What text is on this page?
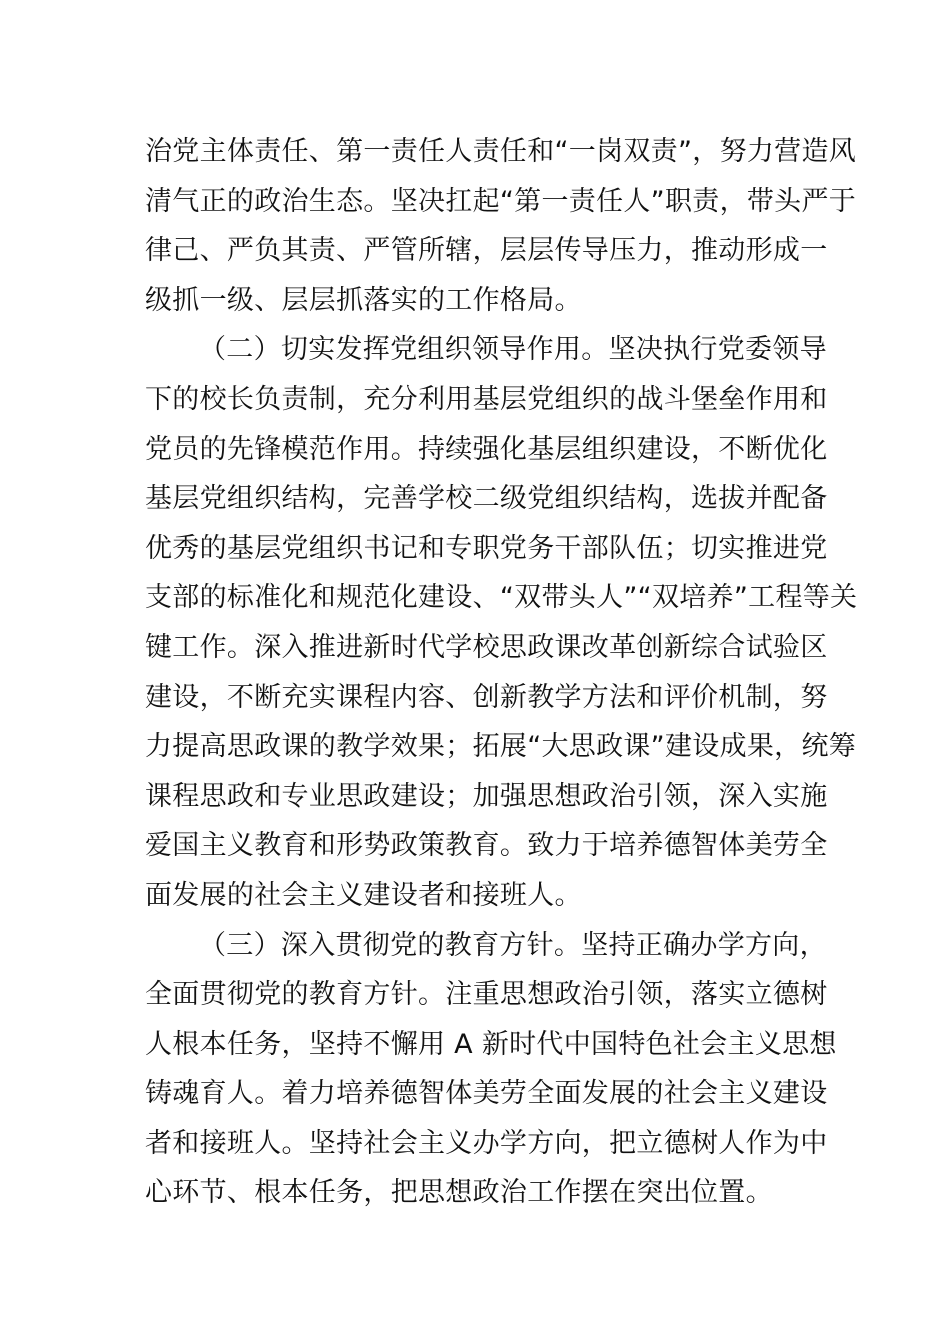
治党主体责任、第一责任人责任和“一岗双责”，努力营造风
清气正的政治生态。坚决扛起“第一责任人”职责，带头严于
律己、严负其责、严管所辖，层层传导压力，推动形成一
级抓一级、层层抓落实的工作格局。
（二）切实发挥党组织领导作用。坚决执行党委领导
下的校长负责制，充分利用基层党组织的战斗堡垒作用和
党员的先锋模范作用。持续强化基层组织建设，不断优化
基层党组织结构，完善学校二级党组织结构，选拔并配备
优秀的基层党组织书记和专职党务干部队伍；切实推进党
支部的标准化和规范化建设、“双带头人”“双培养”工程等关
键工作。深入推进新时代学校思政课改革创新综合试验区
建设，不断充实课程内容、创新教学方法和评价机制，努
力提高思政课的教学效果；拓展“大思政课”建设成果，统筹
课程思政和专业思政建设；加强思想政治引领，深入实施
爱国主义教育和形势政策教育。致力于培养德智体美劳全
面发展的社会主义建设者和接班人。
（三）深入贯彻党的教育方针。坚持正确办学方向，
全面贯彻党的教育方针。注重思想政治引领，落实立德树
人根本任务，坚持不懈用 A 新时代中国特色社会主义思想
铸魂育人。着力培养德智体美劳全面发展的社会主义建设
者和接班人。坚持社会主义办学方向，把立德树人作为中
心环节、根本任务，把思想政治工作摆在突出位置。
